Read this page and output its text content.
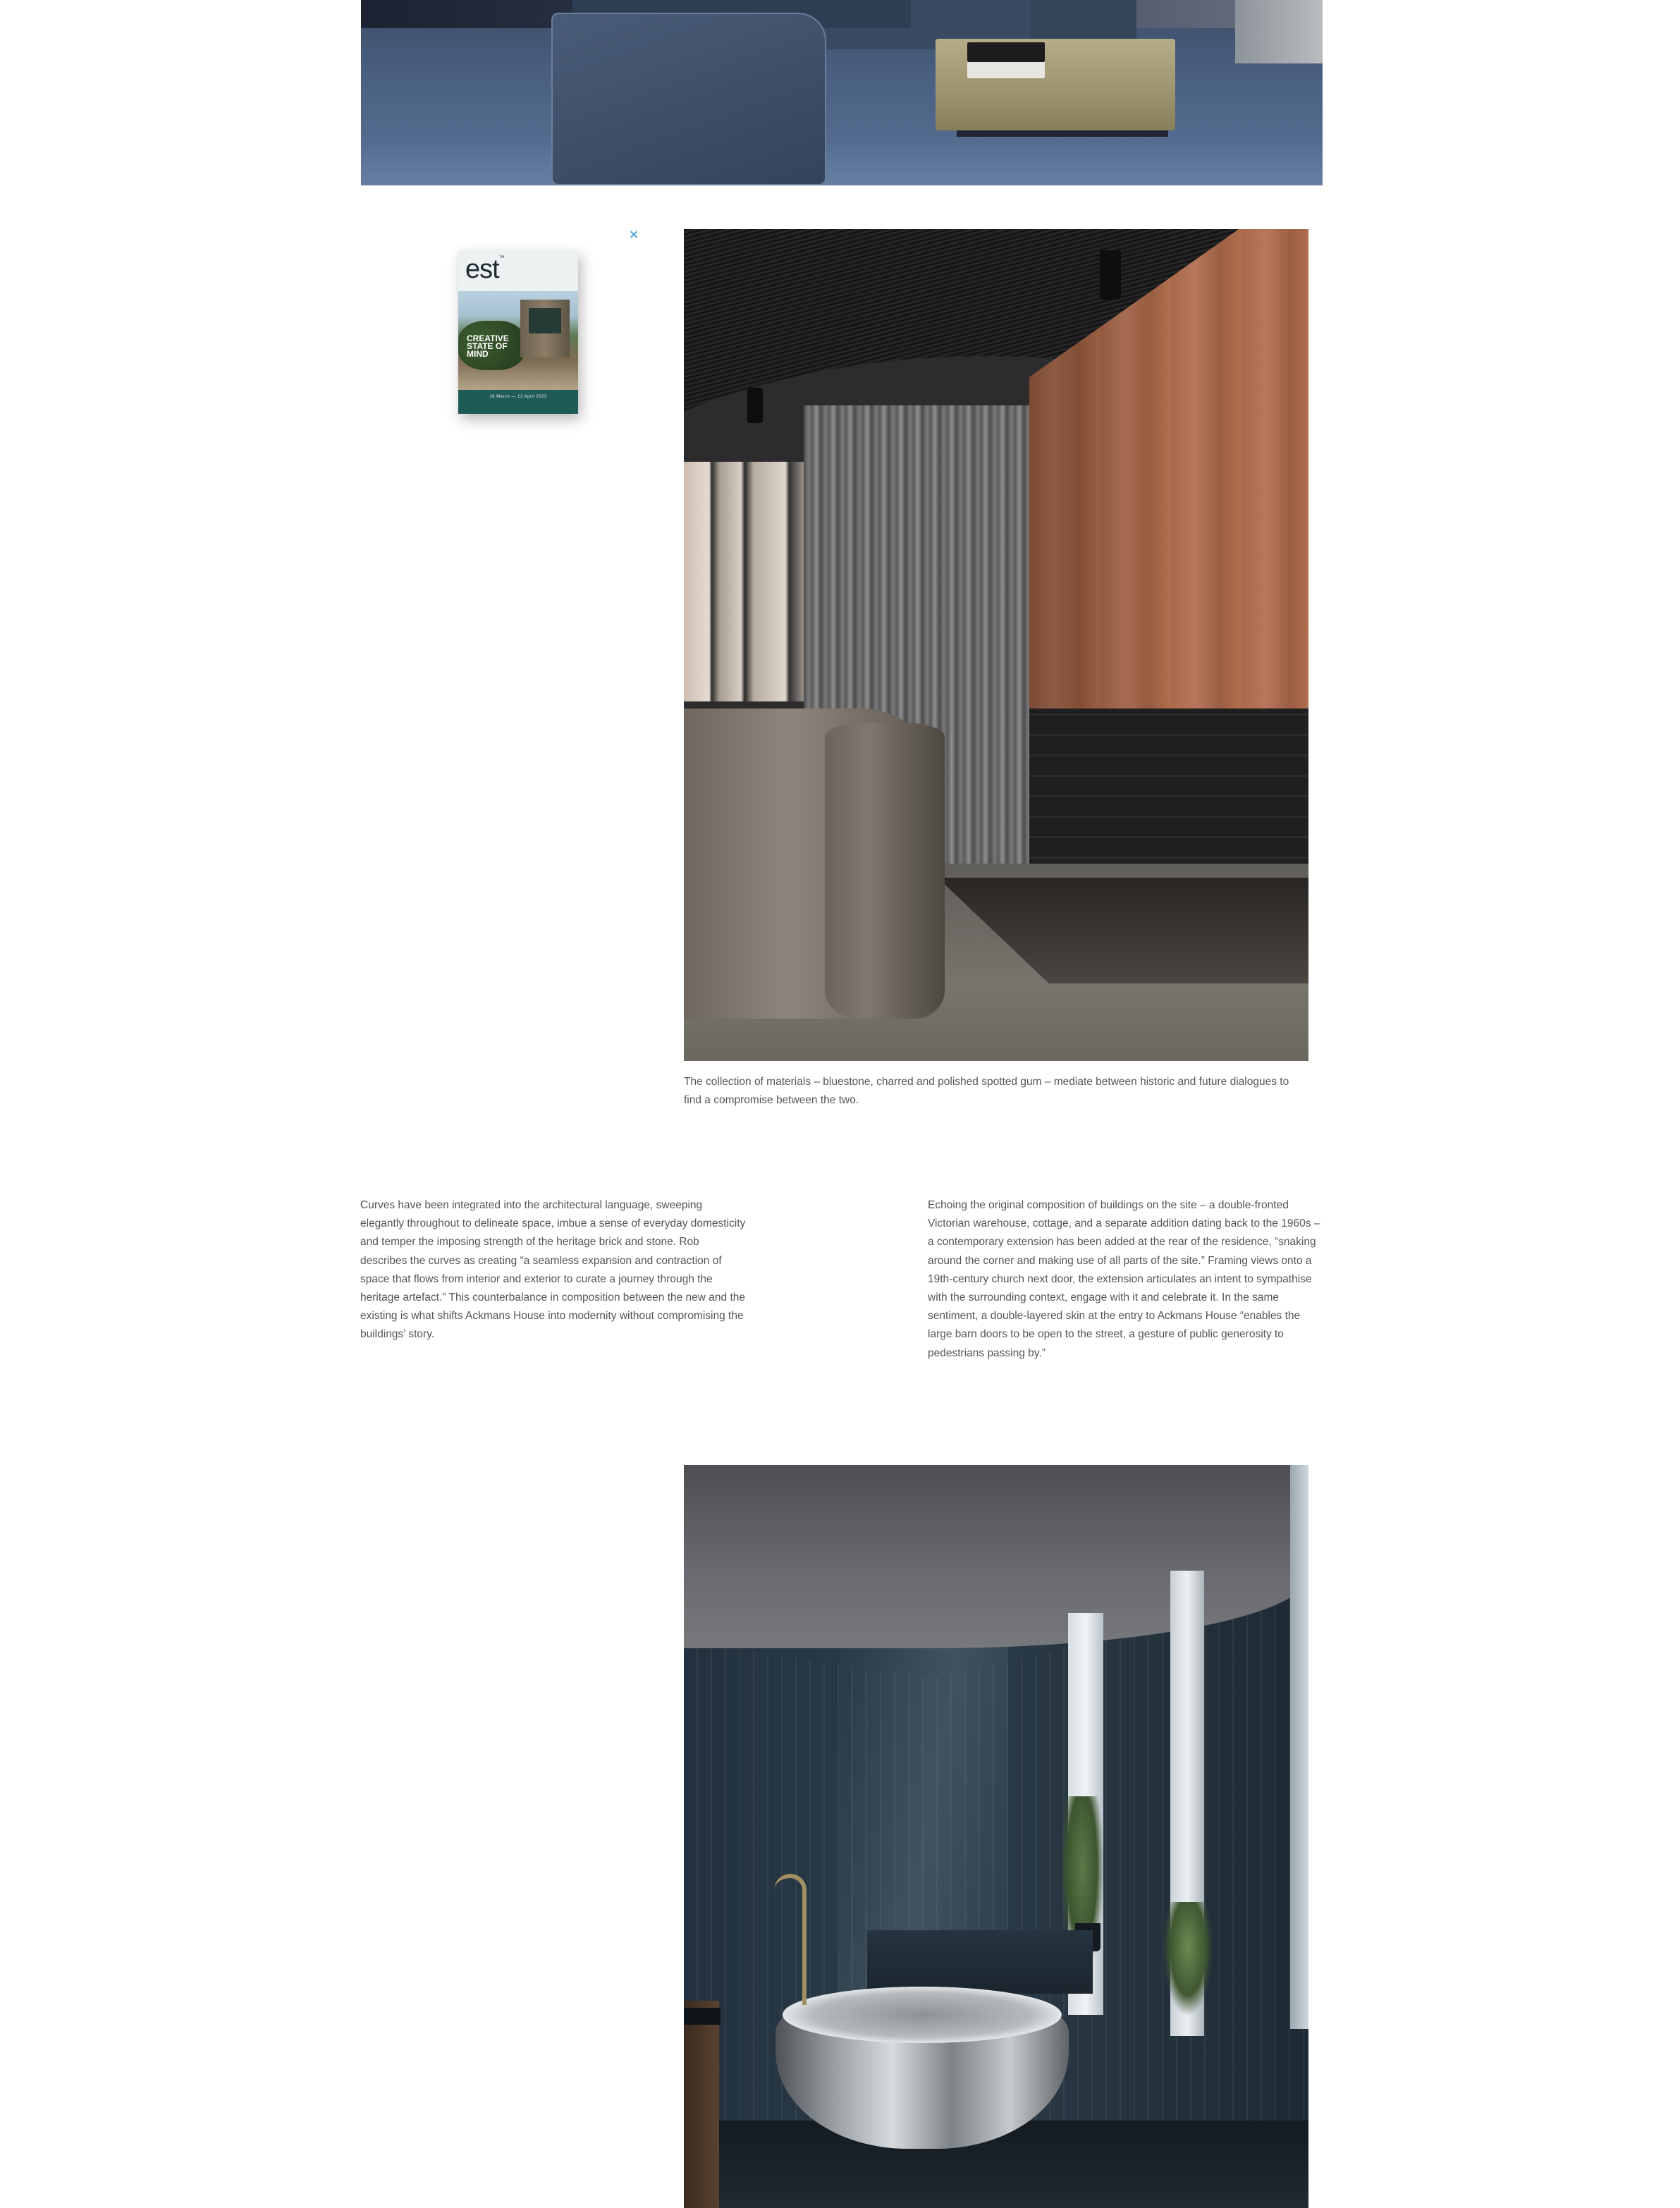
×
est™
CREATIVE STATE OF MIND
16 March — 13 April 2022
The collection of materials – bluestone, charred and polished spotted gum – mediate between historic and future dialogues to find a compromise between the two.
Curves have been integrated into the architectural language, sweeping elegantly throughout to delineate space, imbue a sense of everyday domesticity and temper the imposing strength of the heritage brick and stone. Rob describes the curves as creating “a seamless expansion and contraction of space that flows from interior and exterior to curate a journey through the heritage artefact.” This counterbalance in composition between the new and the existing is what shifts Ackmans House into modernity without compromising the buildings’ story.
Echoing the original composition of buildings on the site – a double-fronted Victorian warehouse, cottage, and a separate addition dating back to the 1960s – a contemporary extension has been added at the rear of the residence, “snaking around the corner and making use of all parts of the site.” Framing views onto a 19th-century church next door, the extension articulates an intent to sympathise with the surrounding context, engage with it and celebrate it. In the same sentiment, a double-layered skin at the entry to Ackmans House “enables the large barn doors to be open to the street, a gesture of public generosity to pedestrians passing by.”
